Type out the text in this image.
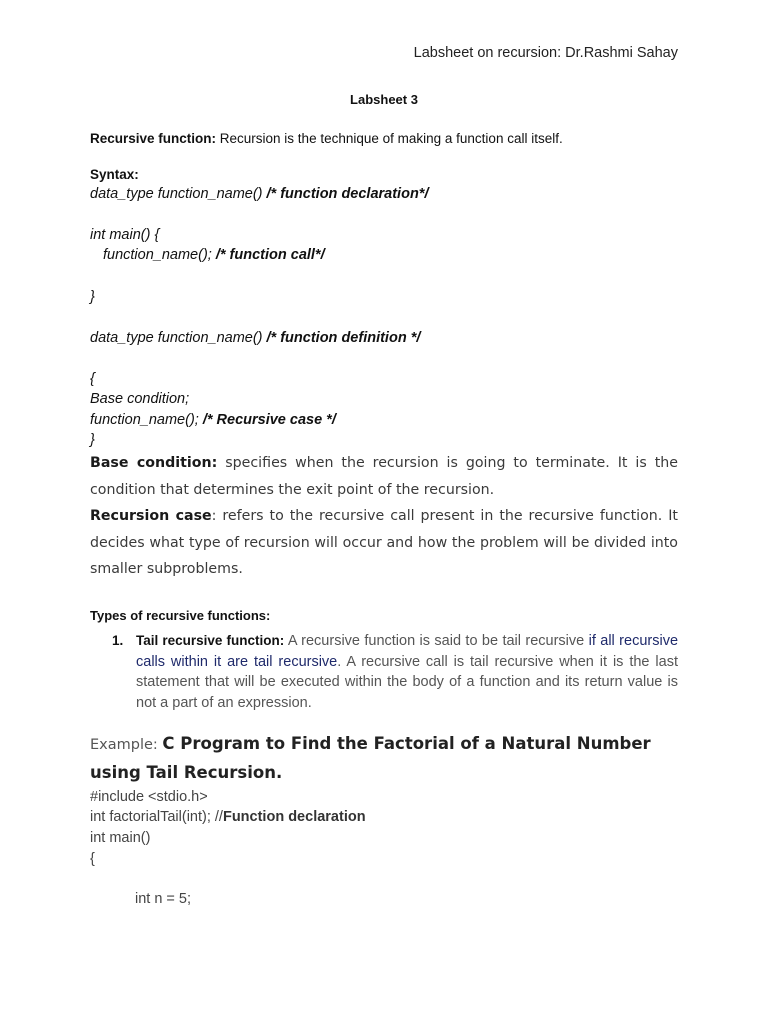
Labsheet on recursion: Dr.Rashmi Sahay
Labsheet 3
Recursive function: Recursion is the technique of making a function call itself.
Syntax:
data_type function_name() /* function declaration*/
int main() {
function_name(); /* function call*/
}
data_type function_name() /* function definition */
{
Base condition;
function_name(); /* Recursive case */
}
Base condition: specifies when the recursion is going to terminate. It is the condition that determines the exit point of the recursion.
Recursion case: refers to the recursive call present in the recursive function. It decides what type of recursion will occur and how the problem will be divided into smaller subproblems.
Types of recursive functions:
1. Tail recursive function: A recursive function is said to be tail recursive if all recursive calls within it are tail recursive. A recursive call is tail recursive when it is the last statement that will be executed within the body of a function and its return value is not a part of an expression.
Example: C Program to Find the Factorial of a Natural Number using Tail Recursion.
#include <stdio.h>
int factorialTail(int); //Function declaration
int main()
{
int n = 5;
